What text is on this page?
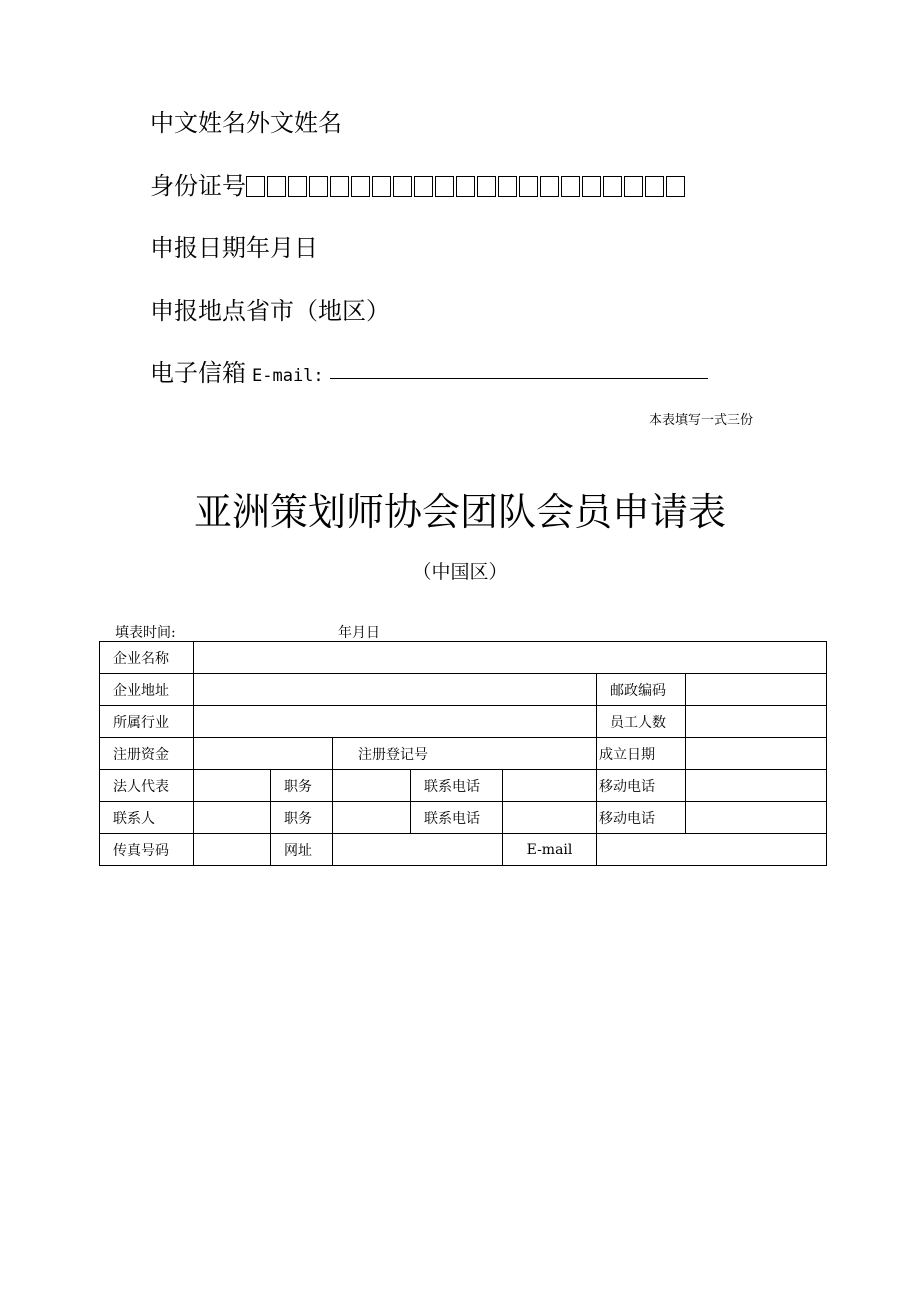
中文姓名外文姓名
身份证号
申报日期年月日
申报地点省市（地区）
电子信箱 E-mail:
本表填写一式三份
亚洲策划师协会团队会员申请表
（中国区）
填表时间:	年月日
企业名称							
企业地址						邮政编码	
所属行业						员工人数	
注册资金			注册登记号			成立日期	
法人代表		职务		联系电话		移动电话	
联系人		职务		联系电话		移动电话	
传真号码		网址			E-mail		
